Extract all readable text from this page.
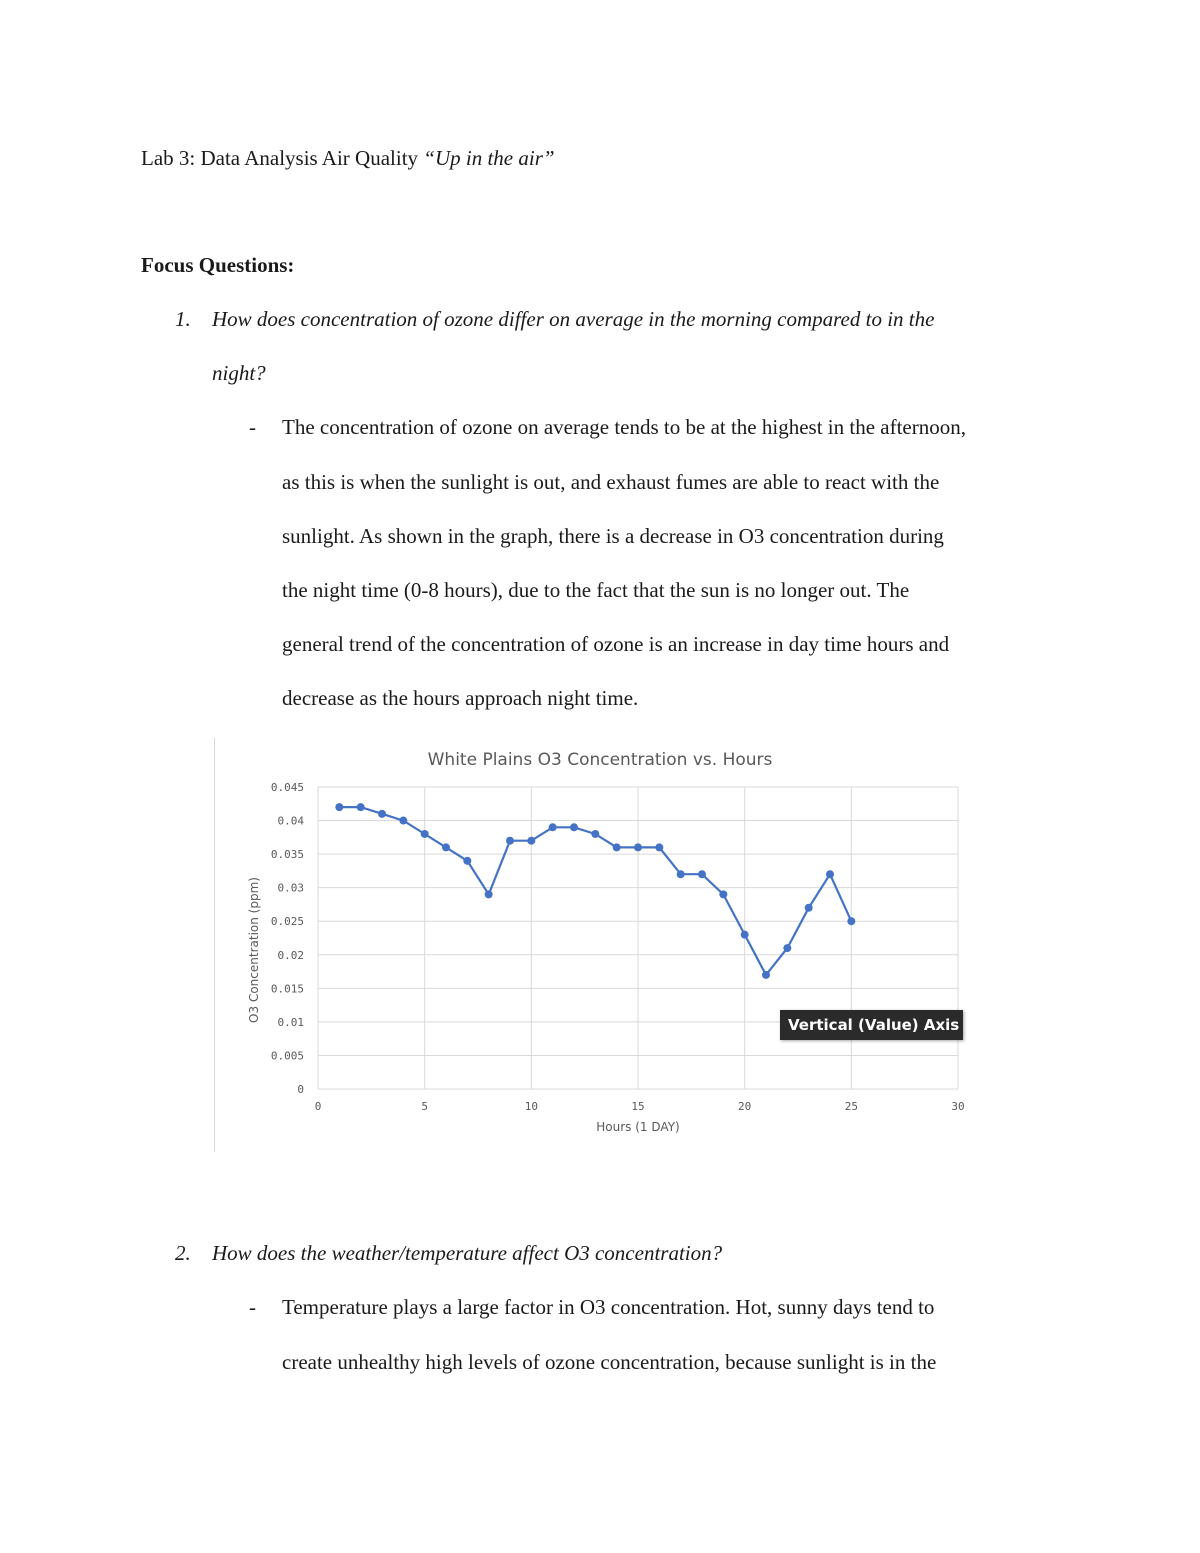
Lab 3: Data Analysis Air Quality “Up in the air”
Focus Questions:
1. How does concentration of ozone differ on average in the morning compared to in the
night?
- The concentration of ozone on average tends to be at the highest in the afternoon,
as this is when the sunlight is out, and exhaust fumes are able to react with the
sunlight. As shown in the graph, there is a decrease in O3 concentration during
the night time (0-8 hours), due to the fact that the sun is no longer out. The
general trend of the concentration of ozone is an increase in day time hours and
decrease as the hours approach night time.
White Plains O3 Concentration vs. Hours
0
0.005
0.01
0.015
0.02
0.025
0.03
0.035
0.04
0.045
0	5	10	15	20	25	30
Hours (1 DAY)
O3 Concentration (ppm)
Vertical (Value) Axis
2. How does the weather/temperature affect O3 concentration?
- Temperature plays a large factor in O3 concentration. Hot, sunny days tend to
create unhealthy high levels of ozone concentration, because sunlight is in the
